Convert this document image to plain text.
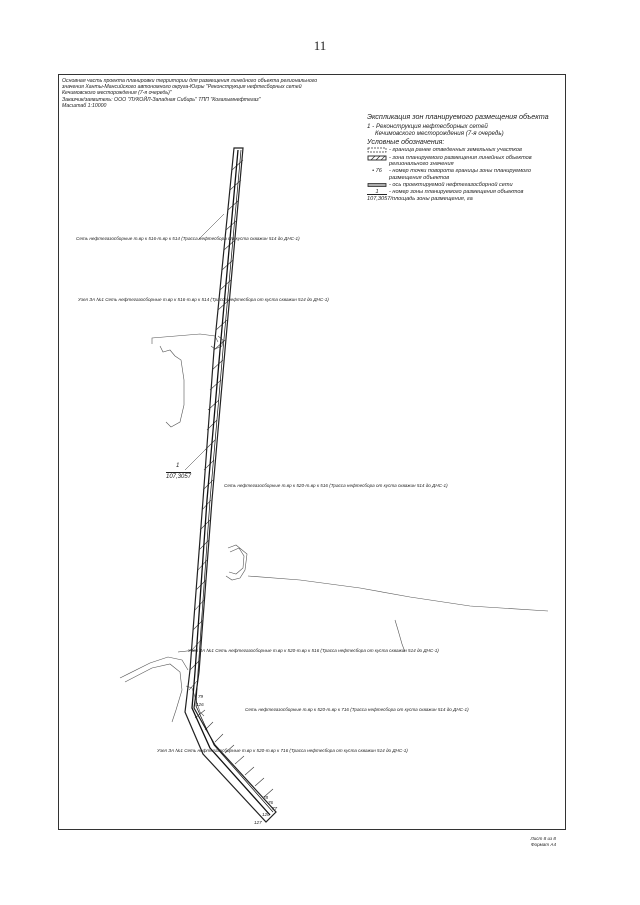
11
Основная часть проекта планировки территории для размещения линейного объекта регионального
значения Ханты-Мансийского автономного округа-Югры "Реконструкция нефтесборных сетей
Кечимовского месторождения (7-я очередь)"
Заказчик/заявитель: ООО "ЛУКОЙЛ-Западная Сибирь" ТПП "Когалымнефтегаз"
Масштаб 1:10000
Экспликация зон планируемого размещения объекта
1 - Реконструкция нефтесборных сетей
Кечимовского месторождения (7-я очередь)
Условные обозначения:
- граница ранее отведенных земельных участков
- зона планируемого размещения линейных объектов регионального значения
• 76	- номер точки поворота границы зоны планируемого размещения объектов
- ось проектируемой нефтегазосборной сети
1	- номер зоны планируемого размещения объектов
107,3057 /площадь зоны размещения, га
Сеть нефтегазосборные т.вр к 516-т.вр к 514 (Трасса нефтесбора от куста скважин 514 до ДНС-1)
Узел ЗА №1 Сеть нефтегазосборные т.вр к 516-т.вр к 514 (Трасса нефтесбора от куста скважин 514 до ДНС-1)
Сеть нефтегазосборные т.вр к 520-т.вр к 516 (Трасса нефтесбора от куста скважин 514 до ДНС-1)
Узел ЗА №1 Сеть нефтегазосборные т.вр к 520-т.вр к 516 (Трасса нефтесбора от куста скважин 514 до ДНС-1)
Сеть нефтегазосборные т.вр к 520-т.вр к 716 (Трасса нефтесбора от куста скважин 514 до ДНС-1)
Узел ЗА №1 Сеть нефтегазосборные т.вр к 520-т.вр к 716 (Трасса нефтесбора от куста скважин 514 до ДНС-1)
1
107,3057
126
127
120
76
77
78
79
Лист 8 из 8
Формат А4
